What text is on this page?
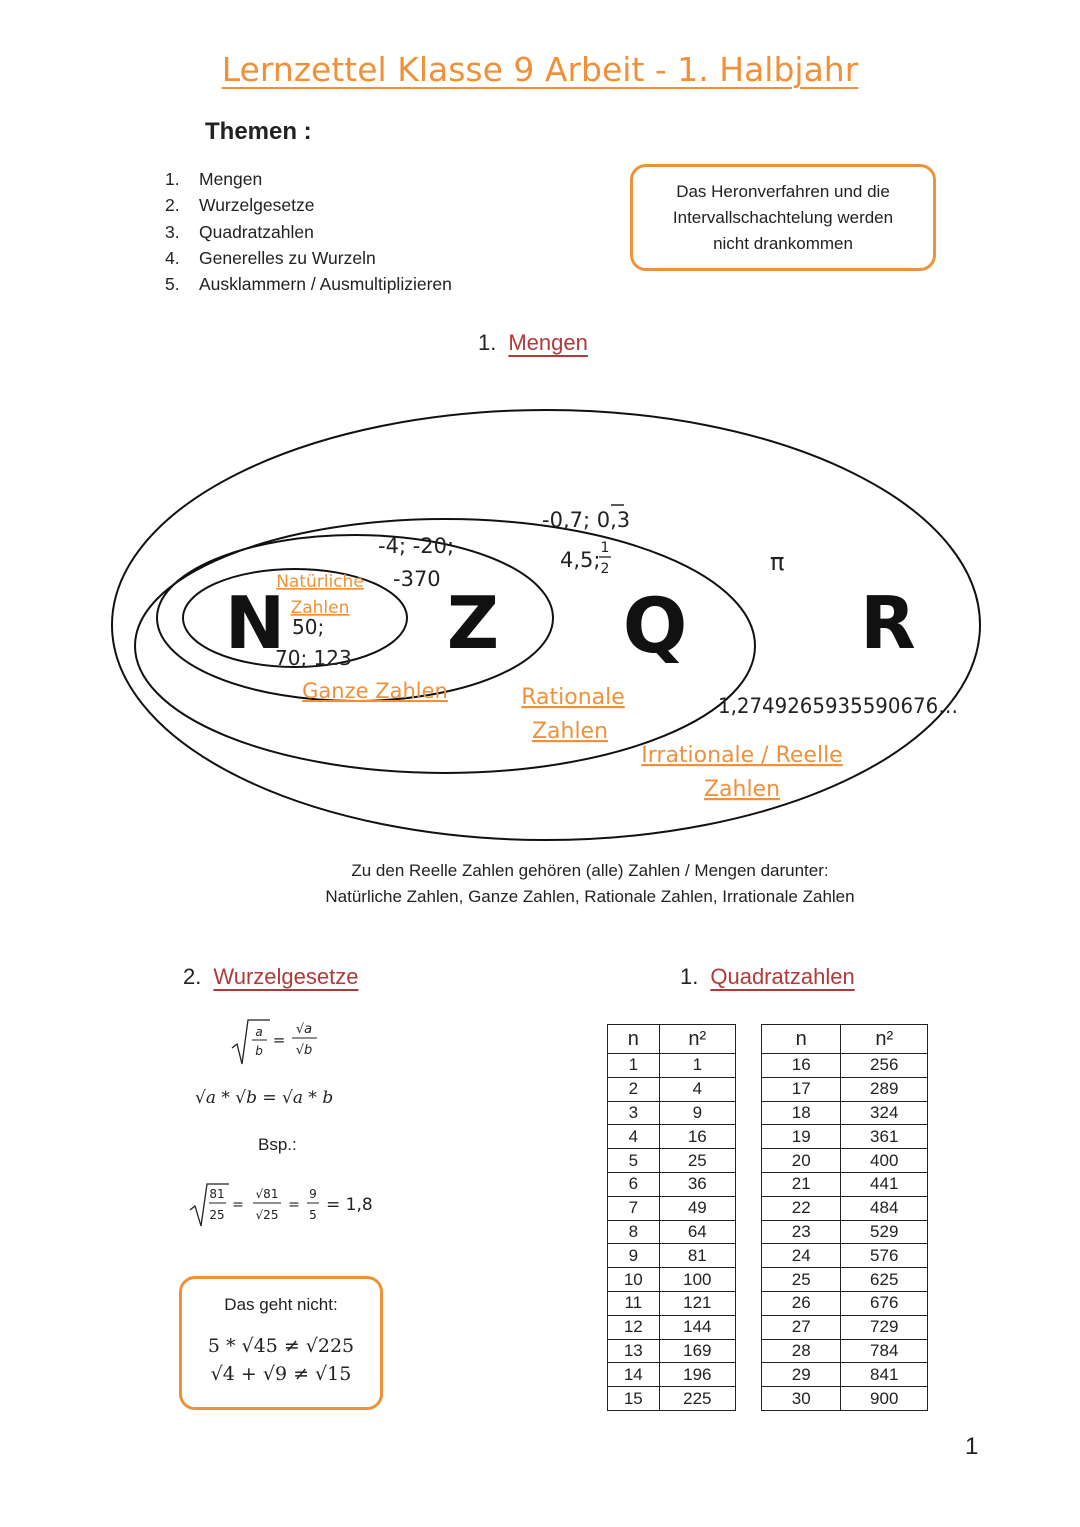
Lernzettel Klasse 9 Arbeit - 1. Halbjahr
Themen :
1.	Mengen
2.	Wurzelgesetze
3.	Quadratzahlen
4.	Generelles zu Wurzeln
5.	Ausklammern / Ausmultiplizieren
Das Heronverfahren und die
Intervallschachtelung werden
nicht drankommen
1. Mengen
N
Natürliche
Zahlen
50;
70; 123 Z
-4; -20;
-370
Ganze Zahlen
Q
-0,7; 0,3
4,5; 1
2
Rationale
Zahlen
R
π
1,2749265935590676…
Irrationale / Reelle
Zahlen
Zu den Reelle Zahlen gehören (alle) Zahlen / Mengen darunter:
Natürliche Zahlen, Ganze Zahlen, Rationale Zahlen, Irrationale Zahlen
2. Wurzelgesetze	1. Quadratzahlen
a
b
=
√a
√b
√a * √b = √a * b
Bsp.:
81
25
=
√81
√25
=
9
5 = 1,8
Das geht nicht:
5 * √45 ≠ √225
√4 + √9 ≠ √15
n	n²
1	1
2	4
3	9
4	16
5	25
6	36
7	49
8	64
9	81
10	100
11	121
12	144
13	169
14	196
15	225
n	n²
16	256
17	289
18	324
19	361
20	400
21	441
22	484
23	529
24	576
25	625
26	676
27	729
28	784
29	841
30	900
1
